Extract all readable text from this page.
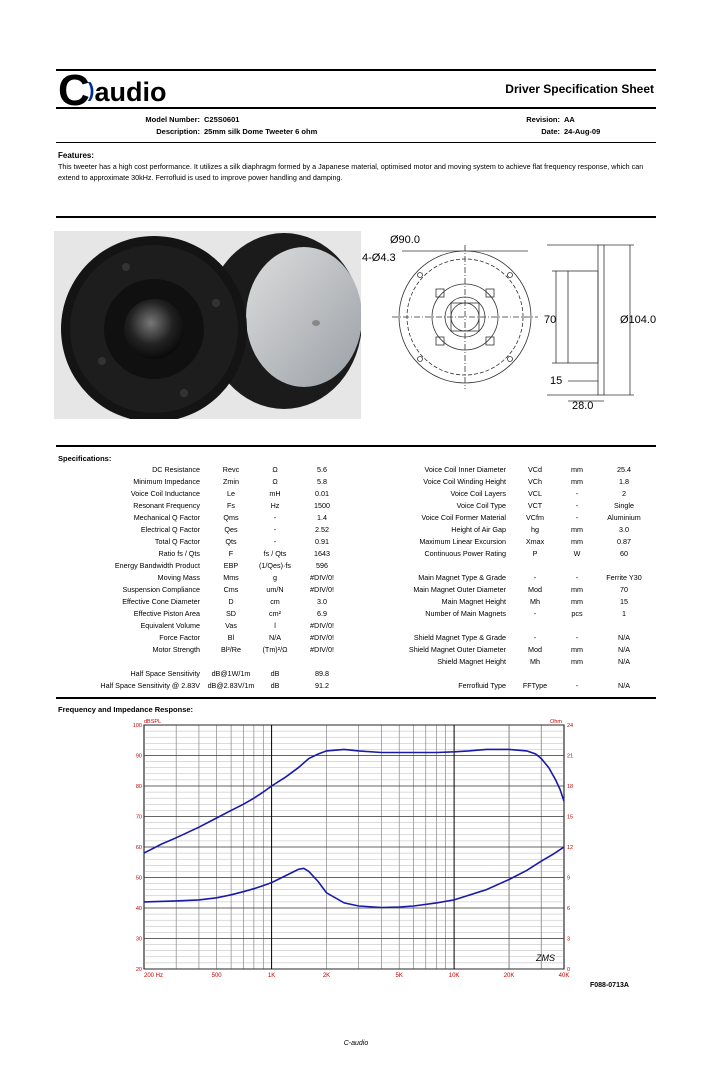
C)audio	Driver Specification Sheet
Model Number: C25S0601
Description: 25mm silk Dome Tweeter 6 ohm
Revision: AA
Date: 24-Aug-09
Features:
This tweeter has a high cost performance. It utilizes a silk diaphragm formed by a Japanese material, optimised motor and moving system to achieve flat frequency response, which can extend to approximate 30kHz. Ferrofluid is used to improve power handling and damping.
Ø90.0
4-Ø4.3
70	Ø104.0
15
28.0
Specifications:
DC Resistance	Revc	Ω	5.6
Minimum Impedance	Zmin	Ω	5.8
Voice Coil Inductance	Le	mH	0.01
Resonant Frequency	Fs	Hz	1500
Mechanical Q Factor	Qms	-	1.4
Electrical Q Factor	Qes	-	2.52
Total Q Factor	Qts	-	0.91
Ratio fs / Qts	F	fs / Qts	1643
Energy Bandwidth Product	EBP	(1/Qes)·fs	596
Moving Mass	Mms	g	#DIV/0!
Suspension Compliance	Cms	um/N	#DIV/0!
Effective Cone Diameter	D	cm	3.0
Effective Piston Area	SD	cm²	6.9
Equivalent Volume	Vas	l	#DIV/0!
Force Factor	Bl	N/A	#DIV/0!
Motor Strength	Bl²/Re	(Tm)²/Ω	#DIV/0!
Half Space Sensitivity	dB@1W/1m	dB	89.8
Half Space Sensitivity @ 2.83V	dB@2.83V/1m	dB	91.2
Voice Coil Inner Diameter	VCd	mm	25.4
Voice Coil Winding Height	VCh	mm	1.8
Voice Coil Layers	VCL	-	2
Voice Coil Type	VCT	-	Single
Voice Coil Former Material	VCfm	-	Aluminium
Height of Air Gap	hg	mm	3.0
Maximum Linear Excursion	Xmax	mm	0.87
Continuous Power Rating	P	W	60
Main Magnet Type & Grade	-	-	Ferrite Y30
Main Magnet Outer Diameter	Mod	mm	70
Main Magnet Height	Mh	mm	15
Number of Main Magnets	-	pcs	1
Shield Magnet Type & Grade	-	-	N/A
Shield Magnet Outer Diameter	Mod	mm	N/A
Shield Magnet Height	Mh	mm	N/A
Ferrofluid Type	FFType	-	N/A
Frequency and Impedance Response:
200 Hz	500	1K	2K	5K	10K	20K	40K
20
30
40
50
60
70
80
90
100
0
3
6
9
12
15
18
21
24
dBSPL	Ohm
ZMS
F088-0713A
C-audio
